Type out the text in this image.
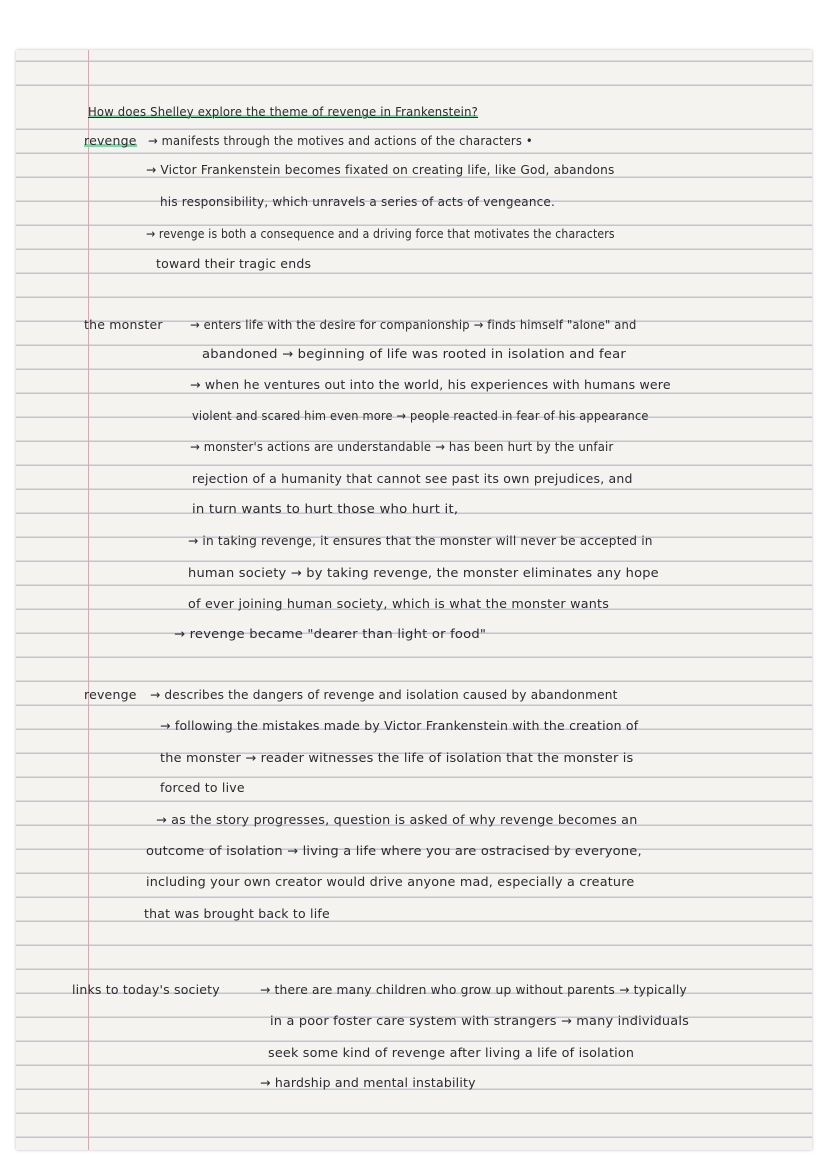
How does Shelley explore the theme of revenge in Frankenstein?
revenge → manifests through the motives and actions of the characters •
→ Victor Frankenstein becomes fixated on creating life, like God, abandons
his responsibility, which unravels a series of acts of vengeance.
→ revenge is both a consequence and a driving force that motivates the characters
toward their tragic ends
the monster → enters life with the desire for companionship → finds himself "alone" and
abandoned → beginning of life was rooted in isolation and fear
→ when he ventures out into the world, his experiences with humans were
violent and scared him even more → people reacted in fear of his appearance
→ monster's actions are understandable → has been hurt by the unfair
rejection of a humanity that cannot see past its own prejudices, and
in turn wants to hurt those who hurt it,
→ in taking revenge, it ensures that the monster will never be accepted in
human society → by taking revenge, the monster eliminates any hope
of ever joining human society, which is what the monster wants
→ revenge became "dearer than light or food"
revenge → describes the dangers of revenge and isolation caused by abandonment
→ following the mistakes made by Victor Frankenstein with the creation of
the monster → reader witnesses the life of isolation that the monster is
forced to live
→ as the story progresses, question is asked of why revenge becomes an
outcome of isolation → living a life where you are ostracised by everyone,
including your own creator would drive anyone mad, especially a creature
that was brought back to life
links to today's society	→ there are many children who grow up without parents → typically
in a poor foster care system with strangers → many individuals
seek some kind of revenge after living a life of isolation
→ hardship and mental instability
